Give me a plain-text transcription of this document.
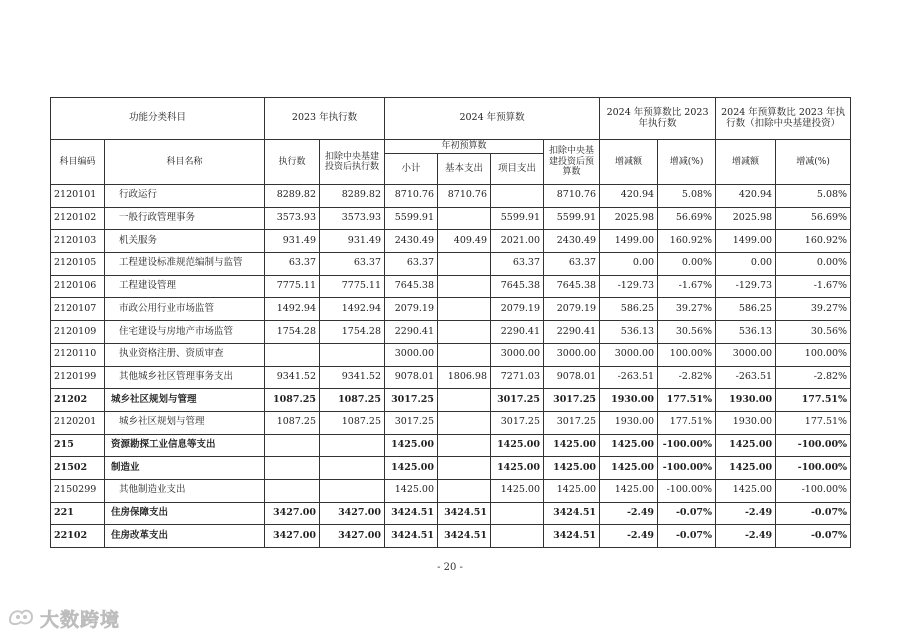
功能分类科目		2023 年执行数		2024 年预算数				2024 年预算数比 2023 年执行数		2024 年预算数比 2023 年执行数（扣除中央基建投资）	
科目编码	科目名称	执行数	扣除中央基建投资后执行数	年初预算数			扣除中央基建投资后预算数	增减额	增减(%)	增减额	增减(%)
				小计	基本支出	项目支出					
2120101	行政运行	8289.82	8289.82	8710.76	8710.76		8710.76	420.94	5.08%	420.94	5.08%
2120102	一般行政管理事务	3573.93	3573.93	5599.91		5599.91	5599.91	2025.98	56.69%	2025.98	56.69%
2120103	机关服务	931.49	931.49	2430.49	409.49	2021.00	2430.49	1499.00	160.92%	1499.00	160.92%
2120105	工程建设标准规范编制与监管	63.37	63.37	63.37		63.37	63.37	0.00	0.00%	0.00	0.00%
2120106	工程建设管理	7775.11	7775.11	7645.38		7645.38	7645.38	-129.73	-1.67%	-129.73	-1.67%
2120107	市政公用行业市场监管	1492.94	1492.94	2079.19		2079.19	2079.19	586.25	39.27%	586.25	39.27%
2120109	住宅建设与房地产市场监管	1754.28	1754.28	2290.41		2290.41	2290.41	536.13	30.56%	536.13	30.56%
2120110	执业资格注册、资质审查			3000.00		3000.00	3000.00	3000.00	100.00%	3000.00	100.00%
2120199	其他城乡社区管理事务支出	9341.52	9341.52	9078.01	1806.98	7271.03	9078.01	-263.51	-2.82%	-263.51	-2.82%
21202	城乡社区规划与管理	1087.25	1087.25	3017.25		3017.25	3017.25	1930.00	177.51%	1930.00	177.51%
2120201	城乡社区规划与管理	1087.25	1087.25	3017.25		3017.25	3017.25	1930.00	177.51%	1930.00	177.51%
215	资源勘探工业信息等支出			1425.00		1425.00	1425.00	1425.00	-100.00%	1425.00	-100.00%
21502	制造业			1425.00		1425.00	1425.00	1425.00	-100.00%	1425.00	-100.00%
2150299	其他制造业支出			1425.00		1425.00	1425.00	1425.00	-100.00%	1425.00	-100.00%
221	住房保障支出	3427.00	3427.00	3424.51	3424.51		3424.51	-2.49	-0.07%	-2.49	-0.07%
22102	住房改革支出	3427.00	3427.00	3424.51	3424.51		3424.51	-2.49	-0.07%	-2.49	-0.07%
- 20 -
大数跨境
